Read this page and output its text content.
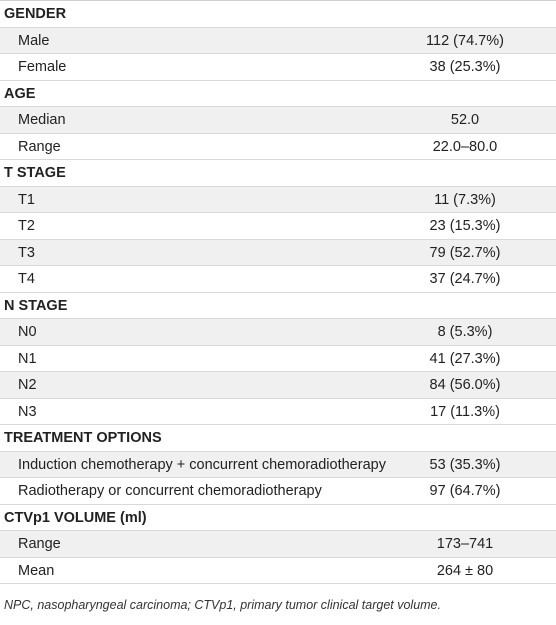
GENDER
Male	112 (74.7%)
Female	38 (25.3%)
AGE
Median	52.0
Range	22.0–80.0
T STAGE
T1	11 (7.3%)
T2	23 (15.3%)
T3	79 (52.7%)
T4	37 (24.7%)
N STAGE
N0	8 (5.3%)
N1	41 (27.3%)
N2	84 (56.0%)
N3	17 (11.3%)
TREATMENT OPTIONS
Induction chemotherapy + concurrent chemoradiotherapy	53 (35.3%)
Radiotherapy or concurrent chemoradiotherapy	97 (64.7%)
CTVp1 VOLUME (ml)
Range	173–741
Mean	264 ± 80
NPC, nasopharyngeal carcinoma; CTVp1, primary tumor clinical target volume.
